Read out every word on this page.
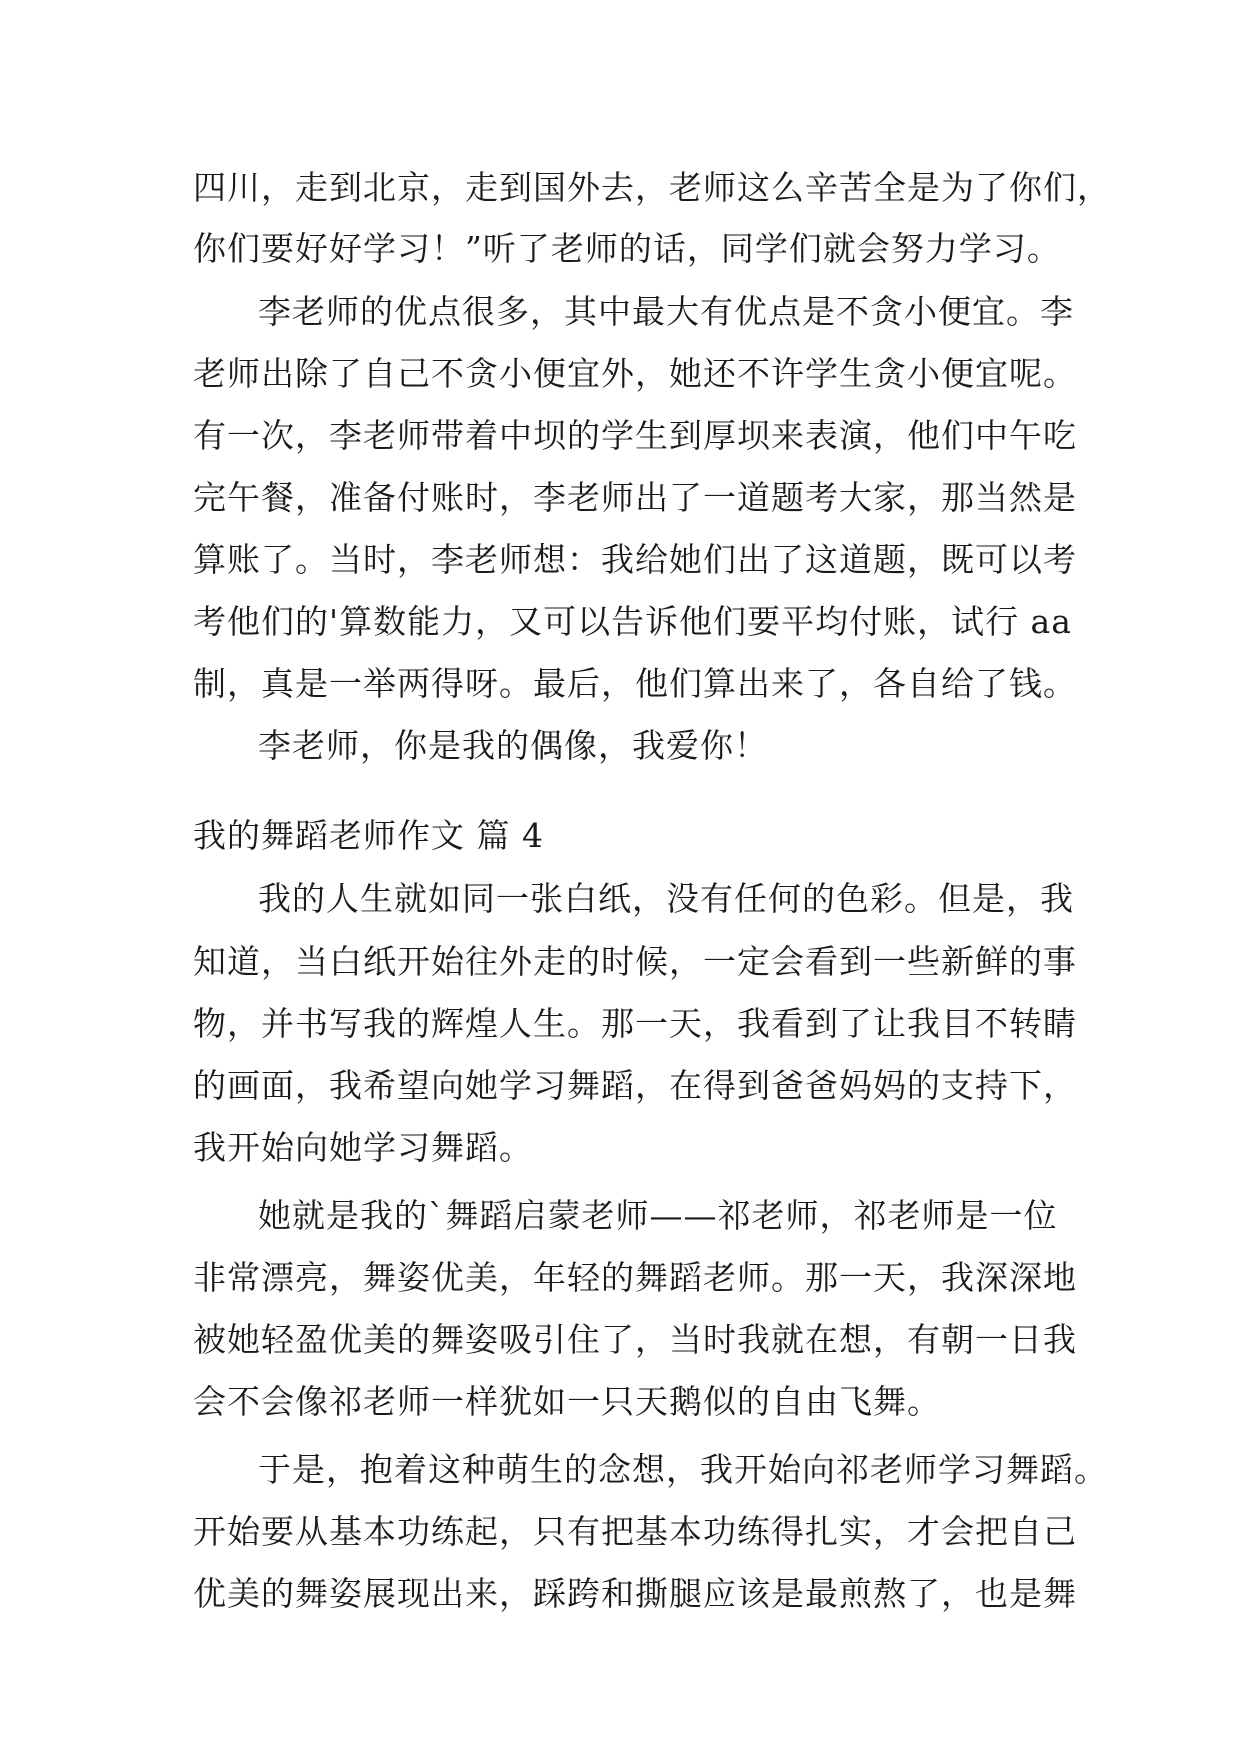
四川，走到北京，走到国外去，老师这么辛苦全是为了你们，
你们要好好学习！”听了老师的话，同学们就会努力学习。
李老师的优点很多，其中最大有优点是不贪小便宜。李
老师出除了自己不贪小便宜外，她还不许学生贪小便宜呢。
有一次，李老师带着中坝的学生到厚坝来表演，他们中午吃
完午餐，准备付账时，李老师出了一道题考大家，那当然是
算账了。当时，李老师想：我给她们出了这道题，既可以考
考他们的'算数能力，又可以告诉他们要平均付账，试行 aa
制，真是一举两得呀。最后，他们算出来了，各自给了钱。
李老师，你是我的偶像，我爱你！
我的舞蹈老师作文 篇 4
我的人生就如同一张白纸，没有任何的色彩。但是，我
知道，当白纸开始往外走的时候，一定会看到一些新鲜的事
物，并书写我的辉煌人生。那一天，我看到了让我目不转睛
的画面，我希望向她学习舞蹈，在得到爸爸妈妈的支持下，
我开始向她学习舞蹈。
她就是我的`舞蹈启蒙老师——祁老师，祁老师是一位
非常漂亮，舞姿优美，年轻的舞蹈老师。那一天，我深深地
被她轻盈优美的舞姿吸引住了，当时我就在想，有朝一日我
会不会像祁老师一样犹如一只天鹅似的自由飞舞。
于是，抱着这种萌生的念想，我开始向祁老师学习舞蹈。
开始要从基本功练起，只有把基本功练得扎实，才会把自己
优美的舞姿展现出来，踩跨和撕腿应该是最煎熬了，也是舞
